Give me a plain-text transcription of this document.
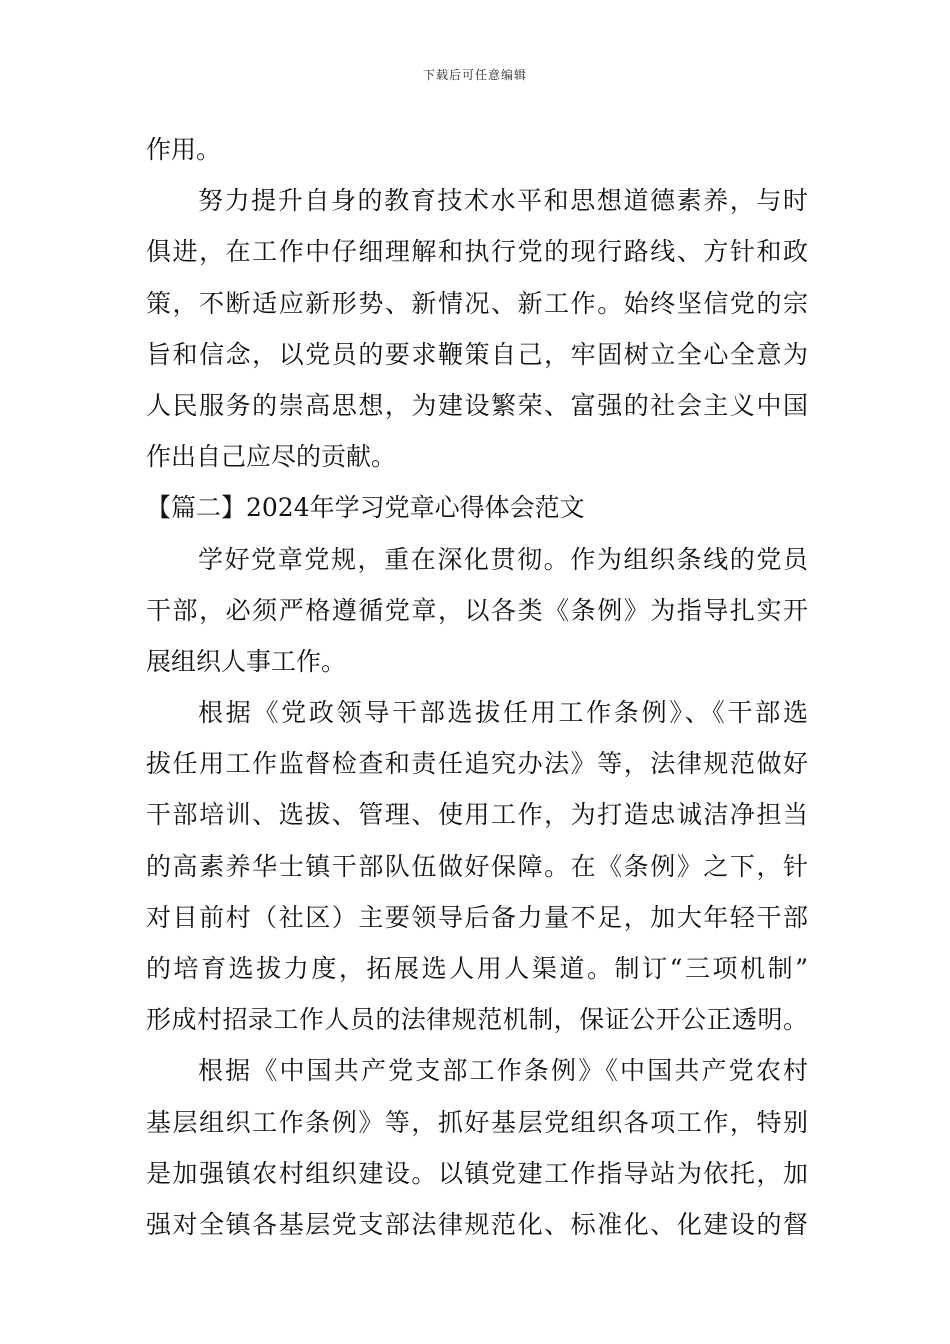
下载后可任意编辑
作用。
努力提升自身的教育技术水平和思想道德素养，与时
俱进，在工作中仔细理解和执行党的现行路线、方针和政
策，不断适应新形势、新情况、新工作。始终坚信党的宗
旨和信念，以党员的要求鞭策自己，牢固树立全心全意为
人民服务的崇高思想，为建设繁荣、富强的社会主义中国
作出自己应尽的贡献。
【篇二】2024年学习党章心得体会范文
学好党章党规，重在深化贯彻。作为组织条线的党员
干部，必须严格遵循党章，以各类《条例》为指导扎实开
展组织人事工作。
根据《党政领导干部选拔任用工作条例》、《干部选
拔任用工作监督检查和责任追究办法》等，法律规范做好
干部培训、选拔、管理、使用工作，为打造忠诚洁净担当
的高素养华士镇干部队伍做好保障。在《条例》之下，针
对目前村（社区）主要领导后备力量不足，加大年轻干部
的培育选拔力度，拓展选人用人渠道。制订“三项机制”
形成村招录工作人员的法律规范机制，保证公开公正透明。
根据《中国共产党支部工作条例》《中国共产党农村
基层组织工作条例》等，抓好基层党组织各项工作，特别
是加强镇农村组织建设。以镇党建工作指导站为依托，加
强对全镇各基层党支部法律规范化、标准化、化建设的督
